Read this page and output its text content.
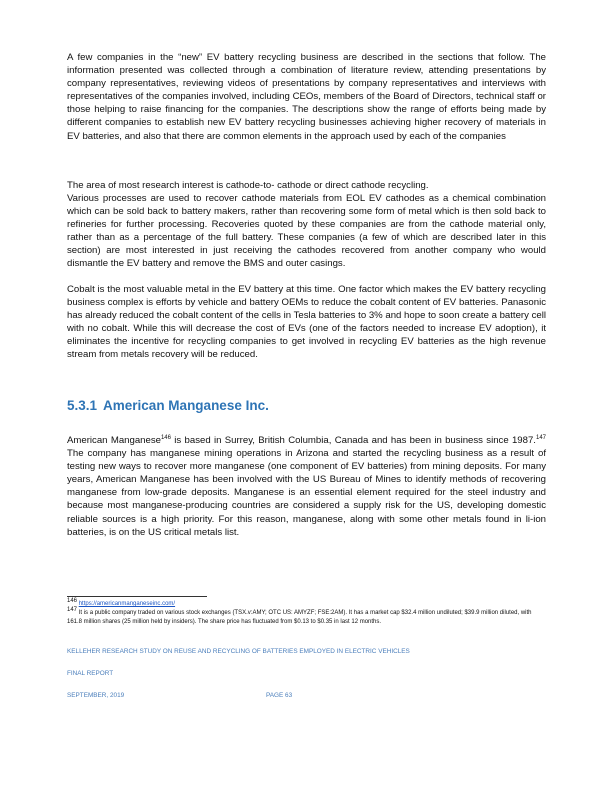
A few companies in the “new” EV battery recycling business are described in the sections that follow. The information presented was collected through a combination of literature review, attending presentations by company representatives, reviewing videos of presentations by company representatives and interviews with representatives of the companies involved, including CEOs, members of the Board of Directors, technical staff or those helping to raise financing for the companies. The descriptions show the range of efforts being made by different companies to establish new EV battery recycling businesses achieving higher recovery of materials in EV batteries, and also that there are common elements in the approach used by each of the companies

The area of most research interest is cathode-to- cathode or direct cathode recycling.

Various processes are used to recover cathode materials from EOL EV cathodes as a chemical combination which can be sold back to battery makers, rather than recovering some form of metal which is then sold back to refineries for further processing. Recoveries quoted by these companies are from the cathode material only, rather than as a percentage of the full battery. These companies (a few of which are described later in this section) are most interested in just receiving the cathodes recovered from another company who would dismantle the EV battery and remove the BMS and outer casings.

Cobalt is the most valuable metal in the EV battery at this time. One factor which makes the EV battery recycling business complex is efforts by vehicle and battery OEMs to reduce the cobalt content of EV batteries. Panasonic has already reduced the cobalt content of the cells in Tesla batteries to 3% and hope to soon create a battery cell with no cobalt. While this will decrease the cost of EVs (one of the factors needed to increase EV adoption), it eliminates the incentive for recycling companies to get involved in recycling EV batteries as the high revenue stream from metals recovery will be reduced.

5.3.1 American Manganese Inc.

American Manganese$^{146}$ is based in Surrey, British Columbia, Canada and has been in business since 1987.$^{147}$ The company has manganese mining operations in Arizona and started the recycling business as a result of testing new ways to recover more manganese (one component of EV batteries) from mining deposits. For many years, American Manganese has been involved with the US Bureau of Mines to identify methods of recovering manganese from low-grade deposits. Manganese is an essential element required for the steel industry and because most manganese-producing countries are considered a supply risk for the US, developing domestic reliable sources is a high priority. For this reason, manganese, along with some other metals found in li-ion batteries, is on the US critical metals list.

$^{146}$ https://americanmanganeseinc.com/

$^{147}$ It is a public company traded on various stock exchanges (TSX.v:AMY; OTC US: AMYZF; FSE:2AM). It has a market cap $32.4 million undiluted; $39.9 million diluted, with 161.8 million shares (25 million held by insiders). The share price has fluctuated from $0.13 to $0.35 in last 12 months.

KELLEHER RESEARCH STUDY ON REUSE AND RECYCLING OF BATTERIES EMPLOYED IN ELECTRIC VEHICLES

FINAL REPORT

SEPTEMBER, 2019	PAGE 63
